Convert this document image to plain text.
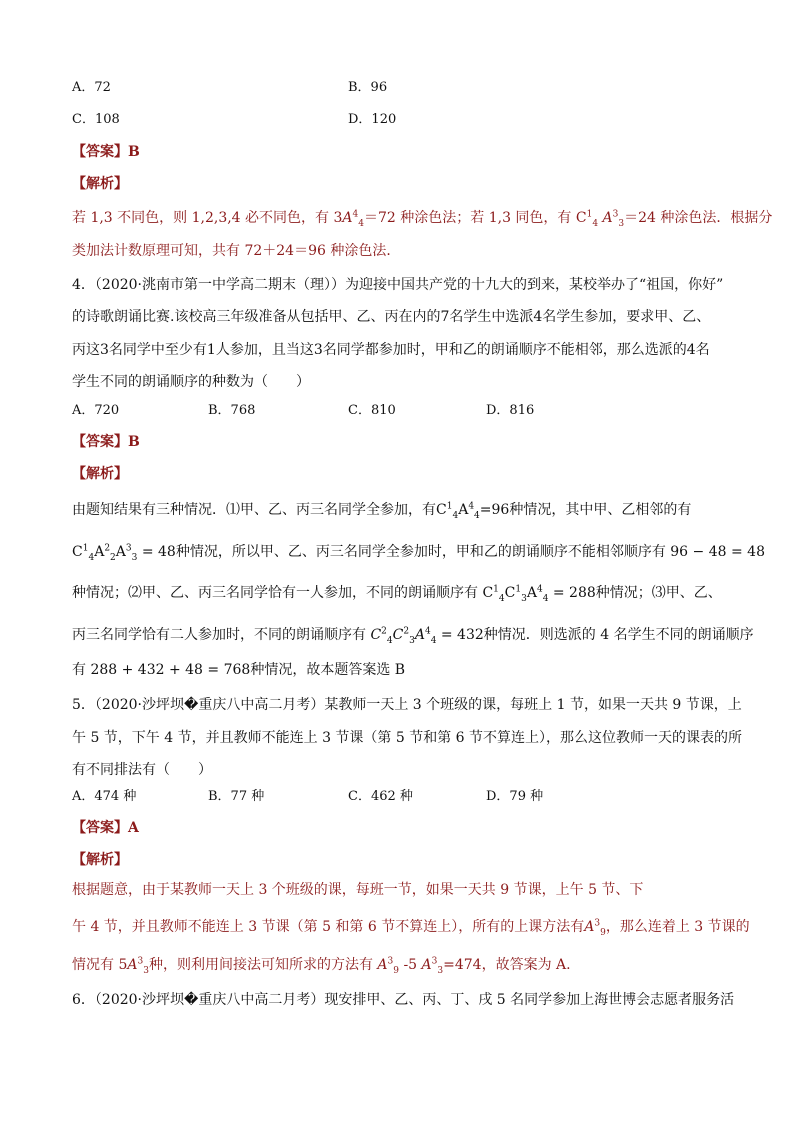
A．72	B．96
C．108	D．120
【答案】B
【解析】
若 1,3 不同色，则 1,2,3,4 必不同色，有 $3A^4_4=72$ 种涂色法；若 1,3 同色，有 $C^1_4$ $A^3_3=24$ 种涂色法．根据分
类加法计数原理可知，共有 72＋24＝96 种涂色法．
4．（2020·洮南市第一中学高二期末（理））为迎接中国共产党的十九大的到来，某校举办了“祖国，你好”
的诗歌朗诵比赛.该校高三年级准备从包括甲、乙、丙在内的7名学生中选派4名学生参加，要求甲、乙、
丙这3名同学中至少有1人参加，且当这3名同学都参加时，甲和乙的朗诵顺序不能相邻，那么选派的4名
学生不同的朗诵顺序的种数为（　　）
A．720	B．768	C．810	D．816
【答案】B
【解析】
由题知结果有三种情况．⑴甲、乙、丙三名同学全参加，有$C^1_4A^4_4=96$种情况，其中甲、乙相邻的有
$C^1_4A^2_2A^3_3 = 48$种情况，所以甲、乙、丙三名同学全参加时，甲和乙的朗诵顺序不能相邻顺序有 96 − 48 = 48
种情况；⑵甲、乙、丙三名同学恰有一人参加，不同的朗诵顺序有 $C^1_4C^1_3A^4_4 = 288$种情况；⑶甲、乙、
丙三名同学恰有二人参加时，不同的朗诵顺序有 $C^2_4C^2_3A^4_4 = 432$种情况．则选派的 4 名学生不同的朗诵顺序
有 288 + 432 + 48 = 768种情况，故本题答案选 B
5．（2020·沙坪坝�重庆八中高二月考）某教师一天上 3 个班级的课，每班上 1 节，如果一天共 9 节课，上
午 5 节，下午 4 节，并且教师不能连上 3 节课（第 5 节和第 6 节不算连上），那么这位教师一天的课表的所
有不同排法有（　　）
A．474 种	B．77 种	C．462 种	D．79 种
【答案】A
【解析】
根据题意，由于某教师一天上 3 个班级的课，每班一节，如果一天共 9 节课，上午 5 节、下
午 4 节，并且教师不能连上 3 节课（第 5 和第 6 节不算连上），所有的上课方法有$A^3_9$，那么连着上 3 节课的
情况有 $5A^3_3$种，则利用间接法可知所求的方法有 $A^3_9$ -5 $A^3_3=474$，故答案为 A.
6．（2020·沙坪坝�重庆八中高二月考）现安排甲、乙、丙、丁、戌 5 名同学参加上海世博会志愿者服务活
